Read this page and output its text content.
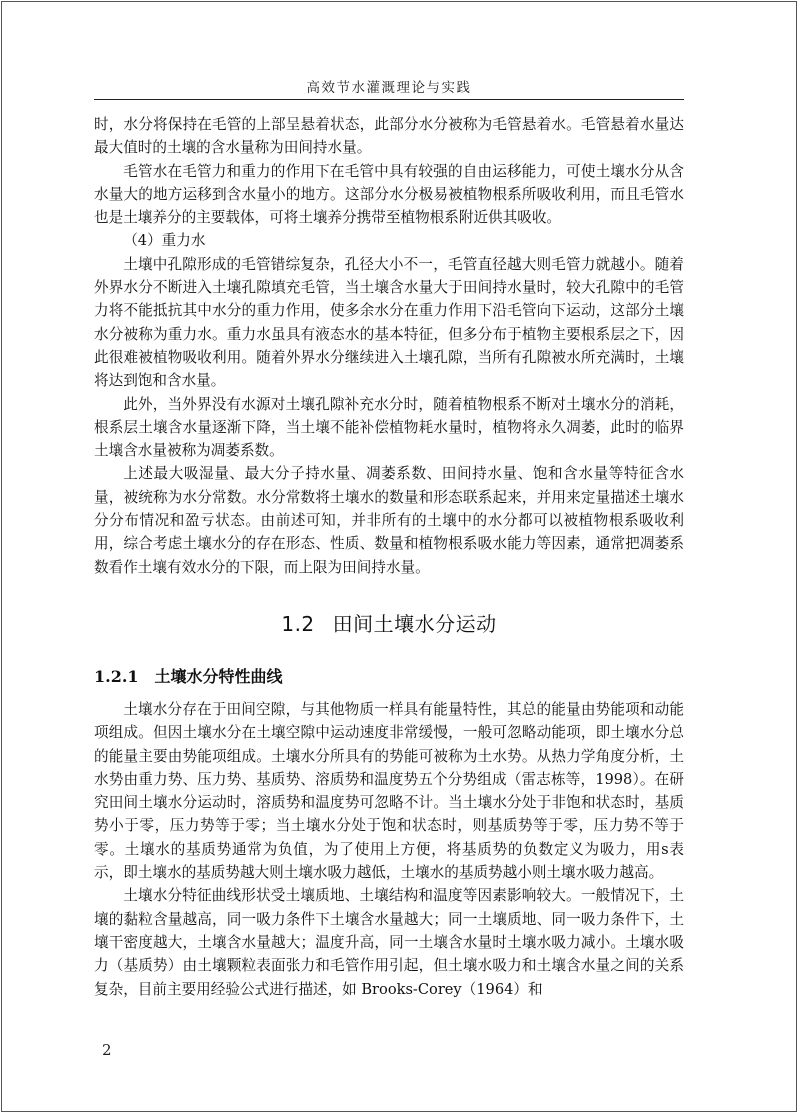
高效节水灌溉理论与实践

时，水分将保持在毛管的上部呈悬着状态，此部分水分被称为毛管悬着水。毛管悬着水量达最大值时的土壤的含水量称为田间持水量。

毛管水在毛管力和重力的作用下在毛管中具有较强的自由运移能力，可使土壤水分从含水量大的地方运移到含水量小的地方。这部分水分极易被植物根系所吸收利用，而且毛管水也是土壤养分的主要载体，可将土壤养分携带至植物根系附近供其吸收。

（4）重力水

土壤中孔隙形成的毛管错综复杂，孔径大小不一，毛管直径越大则毛管力就越小。随着外界水分不断进入土壤孔隙填充毛管，当土壤含水量大于田间持水量时，较大孔隙中的毛管力将不能抵抗其中水分的重力作用，使多余水分在重力作用下沿毛管向下运动，这部分土壤水分被称为重力水。重力水虽具有液态水的基本特征，但多分布于植物主要根系层之下，因此很难被植物吸收利用。随着外界水分继续进入土壤孔隙，当所有孔隙被水所充满时，土壤将达到饱和含水量。

此外，当外界没有水源对土壤孔隙补充水分时，随着植物根系不断对土壤水分的消耗，根系层土壤含水量逐渐下降，当土壤不能补偿植物耗水量时，植物将永久凋萎，此时的临界土壤含水量被称为凋萎系数。

上述最大吸湿量、最大分子持水量、凋萎系数、田间持水量、饱和含水量等特征含水量，被统称为水分常数。水分常数将土壤水的数量和形态联系起来，并用来定量描述土壤水分分布情况和盈亏状态。由前述可知，并非所有的土壤中的水分都可以被植物根系吸收利用，综合考虑土壤水分的存在形态、性质、数量和植物根系吸水能力等因素，通常把凋萎系数看作土壤有效水分的下限，而上限为田间持水量。

1.2 田间土壤水分运动
1.2.1 土壤水分特性曲线

土壤水分存在于田间空隙，与其他物质一样具有能量特性，其总的能量由势能项和动能项组成。但因土壤水分在土壤空隙中运动速度非常缓慢，一般可忽略动能项，即土壤水分总的能量主要由势能项组成。土壤水分所具有的势能可被称为土水势。从热力学角度分析，土水势由重力势、压力势、基质势、溶质势和温度势五个分势组成（雷志栋等，1998）。在研究田间土壤水分运动时，溶质势和温度势可忽略不计。当土壤水分处于非饱和状态时，基质势小于零，压力势等于零；当土壤水分处于饱和状态时，则基质势等于零，压力势不等于零。土壤水的基质势通常为负值，为了使用上方便，将基质势的负数定义为吸力，用s表示，即土壤水的基质势越大则土壤水吸力越低，土壤水的基质势越小则土壤水吸力越高。

土壤水分特征曲线形状受土壤质地、土壤结构和温度等因素影响较大。一般情况下，土壤的黏粒含量越高，同一吸力条件下土壤含水量越大；同一土壤质地、同一吸力条件下，土壤干密度越大，土壤含水量越大；温度升高，同一土壤含水量时土壤水吸力减小。土壤水吸力（基质势）由土壤颗粒表面张力和毛管作用引起，但土壤水吸力和土壤含水量之间的关系复杂，目前主要用经验公式进行描述，如 Brooks-Corey（1964）和

2
